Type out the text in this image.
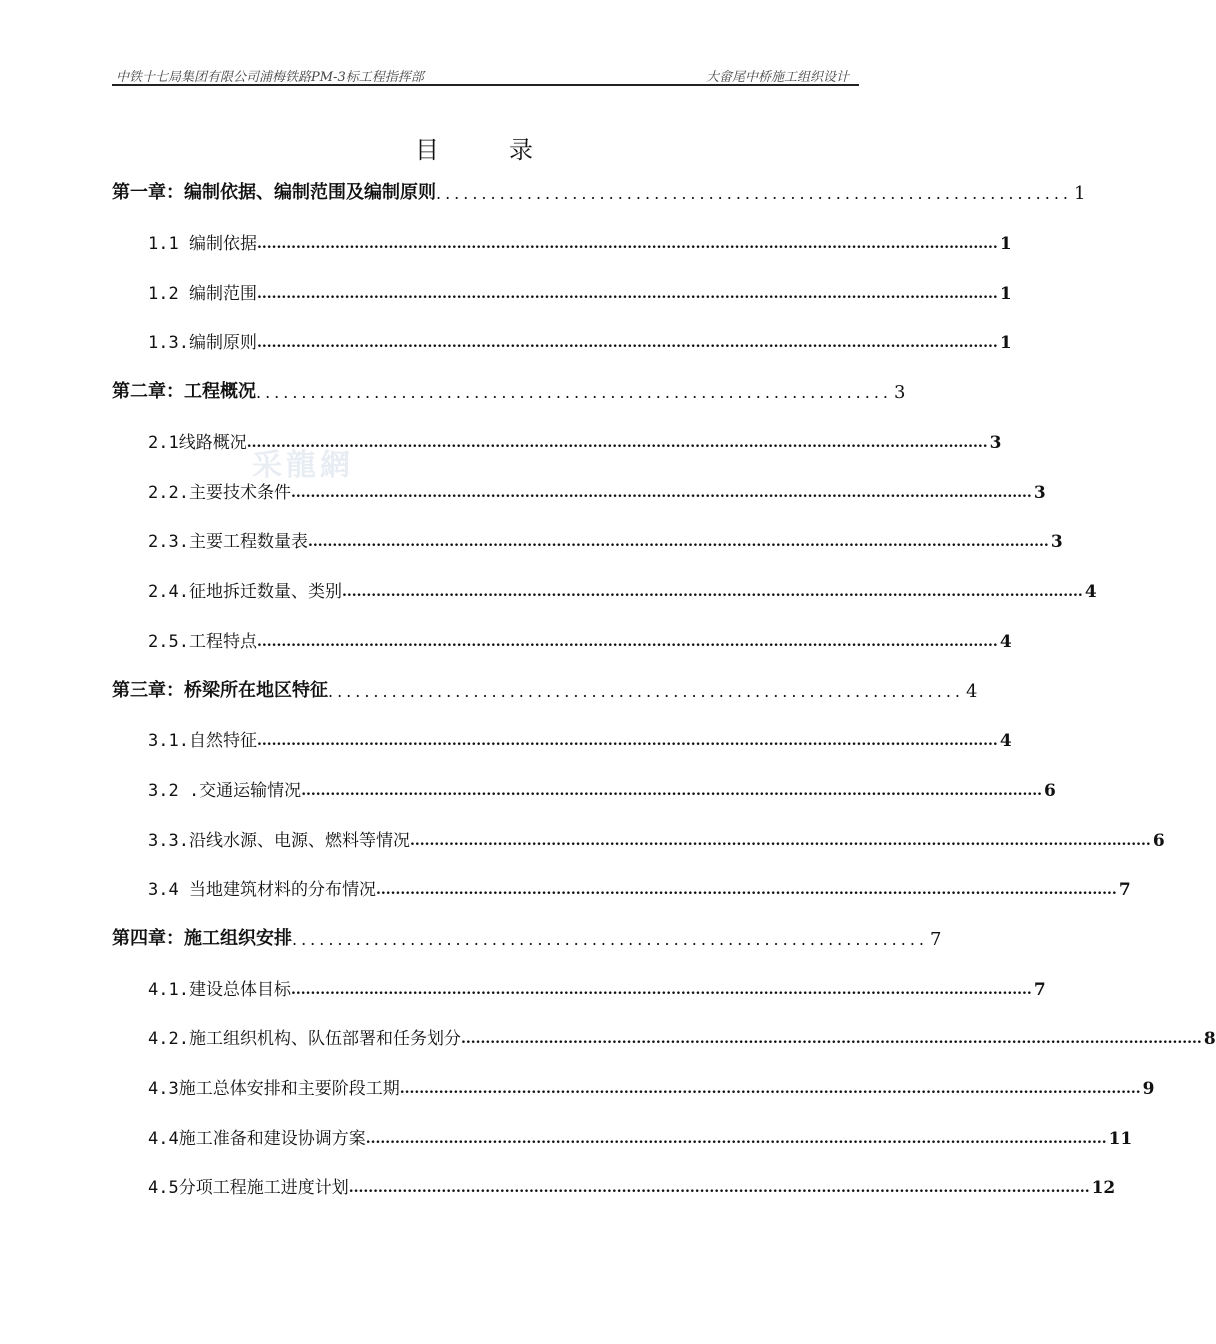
中铁十七局集团有限公司浦梅铁路PM-3标工程指挥部	大畲尾中桥施工组织设计
目	录
采龍網
第一章：编制依据、编制范围及编制原则 ...................................................................... 1
1.1 编制依据 ........................................................................................................................................................ 1
1.2 编制范围 ........................................................................................................................................................ 1
1.3.编制原则 ........................................................................................................................................................ 1
第二章：工程概况 ...................................................................... 3
2.1线路概况 ........................................................................................................................................................ 3
2.2.主要技术条件 ........................................................................................................................................................ 3
2.3.主要工程数量表 ........................................................................................................................................................ 3
2.4.征地拆迁数量、类别 ........................................................................................................................................................ 4
2.5.工程特点 ........................................................................................................................................................ 4
第三章：桥梁所在地区特征 ...................................................................... 4
3.1.自然特征 ........................................................................................................................................................ 4
3.2 .交通运输情况 ........................................................................................................................................................ 6
3.3.沿线水源、电源、燃料等情况 ........................................................................................................................................................ 6
3.4 当地建筑材料的分布情况 ........................................................................................................................................................ 7
第四章：施工组织安排 ...................................................................... 7
4.1.建设总体目标 ........................................................................................................................................................ 7
4.2.施工组织机构、队伍部署和任务划分 ........................................................................................................................................................ 8
4.3施工总体安排和主要阶段工期 ........................................................................................................................................................ 9
4.4施工准备和建设协调方案 ........................................................................................................................................................ 11
4.5分项工程施工进度计划 ........................................................................................................................................................ 12
